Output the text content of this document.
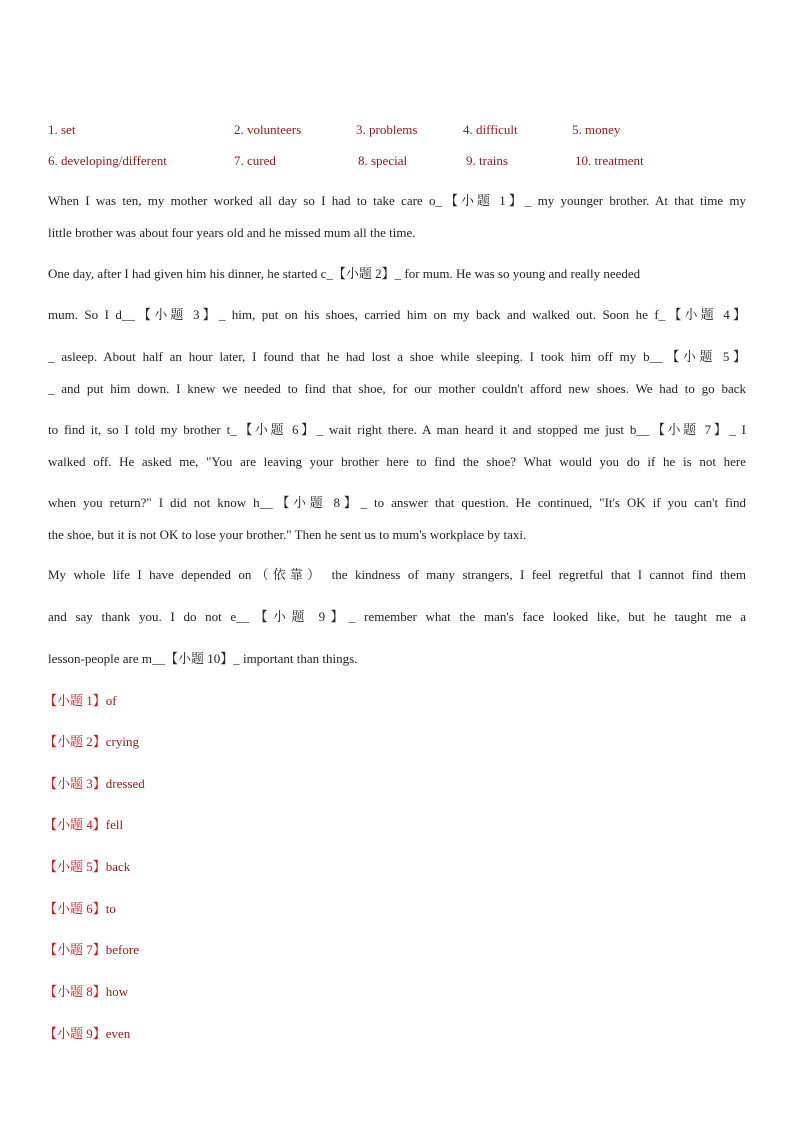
1. set	2. volunteers	3. problems	4. difficult	5. money
6. developing/different	7. cured	8. special	9. trains	10. treatment
When I was ten, my mother worked all day so I had to take care o_【小题 1】_ my younger brother. At that time my
little brother was about four years old and he missed mum all the time.
One day, after I had given him his dinner, he started c_【小题 2】_ for mum. He was so young and really needed
mum. So I d__【小题 3】_ him, put on his shoes, carried him on my back and walked out. Soon he f_【小题 4】
_ asleep. About half an hour later, I found that he had lost a shoe while sleeping. I took him off my b__【小题 5】
_ and put him down. I knew we needed to find that shoe, for our mother couldn't afford new shoes. We had to go back
to find it, so I told my brother t_【小题 6】_ wait right there. A man heard it and stopped me just b__【小题 7】_ I
walked off. He asked me, "You are leaving your brother here to find the shoe? What would you do if he is not here
when you return?" I did not know h__【小题 8】_ to answer that question. He continued, "It's OK if you can't find
the shoe, but it is not OK to lose your brother." Then he sent us to mum's workplace by taxi.
My whole life I have depended on（依靠） the kindness of many strangers, I feel regretful that I cannot find them
and say thank you. I do not e__【小题 9】_ remember what the man's face looked like, but he taught me a
lesson-people are m__【小题 10】_ important than things.
【小题 1】of
【小题 2】crying
【小题 3】dressed
【小题 4】fell
【小题 5】back
【小题 6】to
【小题 7】before
【小题 8】how
【小题 9】even
